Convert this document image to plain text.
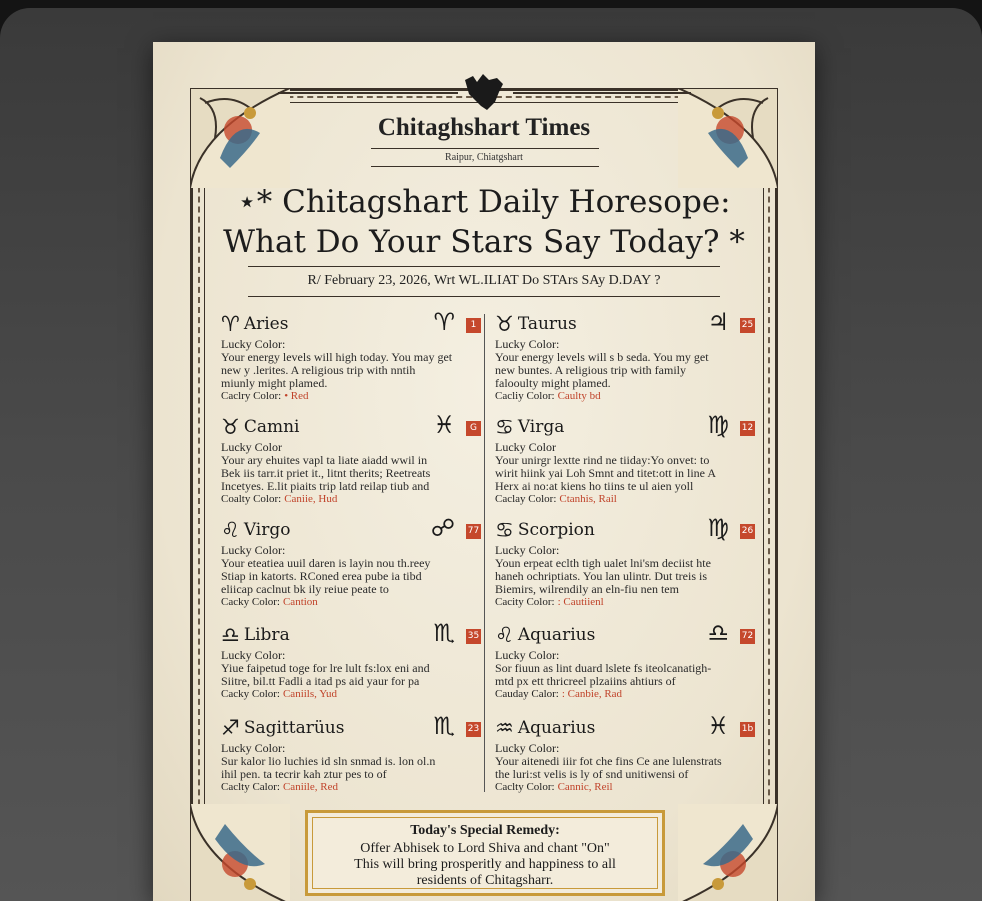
Chitaghshart Times
Raipur, Chiatgshart
⋆* Chitagshart Daily Horesope:
What Do Your Stars Say Today? *
R/ February 23, 2026, Wrt WL.ILIAT Do STArs SAy D.DAY ?
♈ Aries	♈	1
Lucky Color:
Your energy levels will high today. You may get
new y .lerites. A religious trip with nntih
miunly might plamed.
Caclry Color: • Red
♉ Taurus	♃ 25
Lucky Color:
Your energy levels will s b seda. You my get
new buntes. A religious trip with family
falooulty might plamed.
Cacliy Color: Caulty bd
♉ Camni	♓	G
Lucky Color
Your ary ehuites vapl ta liate aiadd wwil in
Bek iis tarr.it priet it., litnt therits; Reetreats
Incetyes. E.lit piaits trip latd reilap tiub and
Coalty Color: Caniie, Hud
♋ Virga	♍ 12
Lucky Color
Your unirgr lextte rind ne tiiday:Yo onvet: to
wirit hiink yai Loh Smnt and titet:ott in line A
Herx ai no:at kiens ho tiins te ul aien yoll
Caclay Color: Ctanhis, Rail
♌ Virgo	☍ 77
Lucky Color:
Your eteatiea uuil daren is layin nou th.reey
Stiap in katorts. RConed erea pube ia tibd
eliicap caclnut bk ily reiue peate to
Cacky Color: Cantion
♋ Scorpion	♍ 26
Lucky Color:
Youn erpeat eclth tigh ualet lni'sm deciist hte
haneh ochriptiats. You lan ulintr. Dut treis is
Biemirs, wilrendily an eln-fiu nen tem
Cacity Color: : Cautiienl
♎ Libra	♏ 35
Lucky Color:
Yiue faipetud toge for lre lult fs:lox eni and
Siitre, bil.tt Fadli a itad ps aid yaur for pa
Cacky Color: Caniils, Yud
♌ Aquarius	♎ 72
Lucky Color:
Sor fiuun as lint duard lslete fs iteolcanatigh-
mtd px ett thricreel plzaiins ahtiurs of
Cauday Calor: : Canbie, Rad
♐ Sagittarüus	♏ 23
Lucky Color:
Sur kalor lio luchies id sln snmad is. lon ol.n
ihil pen. ta tecrir kah ztur pes to of
Caclty Calor: Caniile, Red
♒ Aquarius	♓ 1b
Lucky Color:
Your aitenedi iiir fot che fins Ce ane lulenstrats
the luri:st velis is ly of snd unitiwensi of
Caclty Color: Cannic, Reil
Today's Special Remedy:
Offer Abhisek to Lord Shiva and chant "On"
This will bring prosperitly and happiness to all
residents of Chitagsharr.
